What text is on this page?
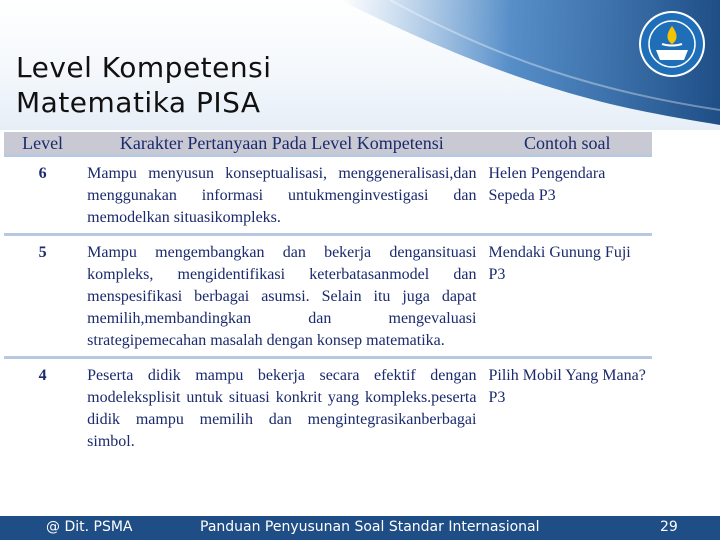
Level Kompetensi
Matematika PISA
Level	Karakter Pertanyaan Pada Level Kompetensi	Contoh soal
6	Mampu menyusun konseptualisasi, menggeneralisasi,dan menggunakan informasi untukmenginvestigasi dan memodelkan situasikompleks.	Helen Pengendara Sepeda P3
5	Mampu mengembangkan dan bekerja dengansituasi kompleks, mengidentifikasi keterbatasanmodel dan menspesifikasi berbagai asumsi. Selain itu juga dapat memilih,membandingkan dan mengevaluasi strategipemecahan masalah dengan konsep matematika.	Mendaki Gunung Fuji P3
4	Peserta didik mampu bekerja secara efektif dengan modeleksplisit untuk situasi konkrit yang kompleks.peserta didik mampu memilih dan mengintegrasikanberbagai simbol.	Pilih Mobil Yang Mana? P3
@ Dit. PSMA	Panduan Penyusunan Soal Standar Internasional	29
